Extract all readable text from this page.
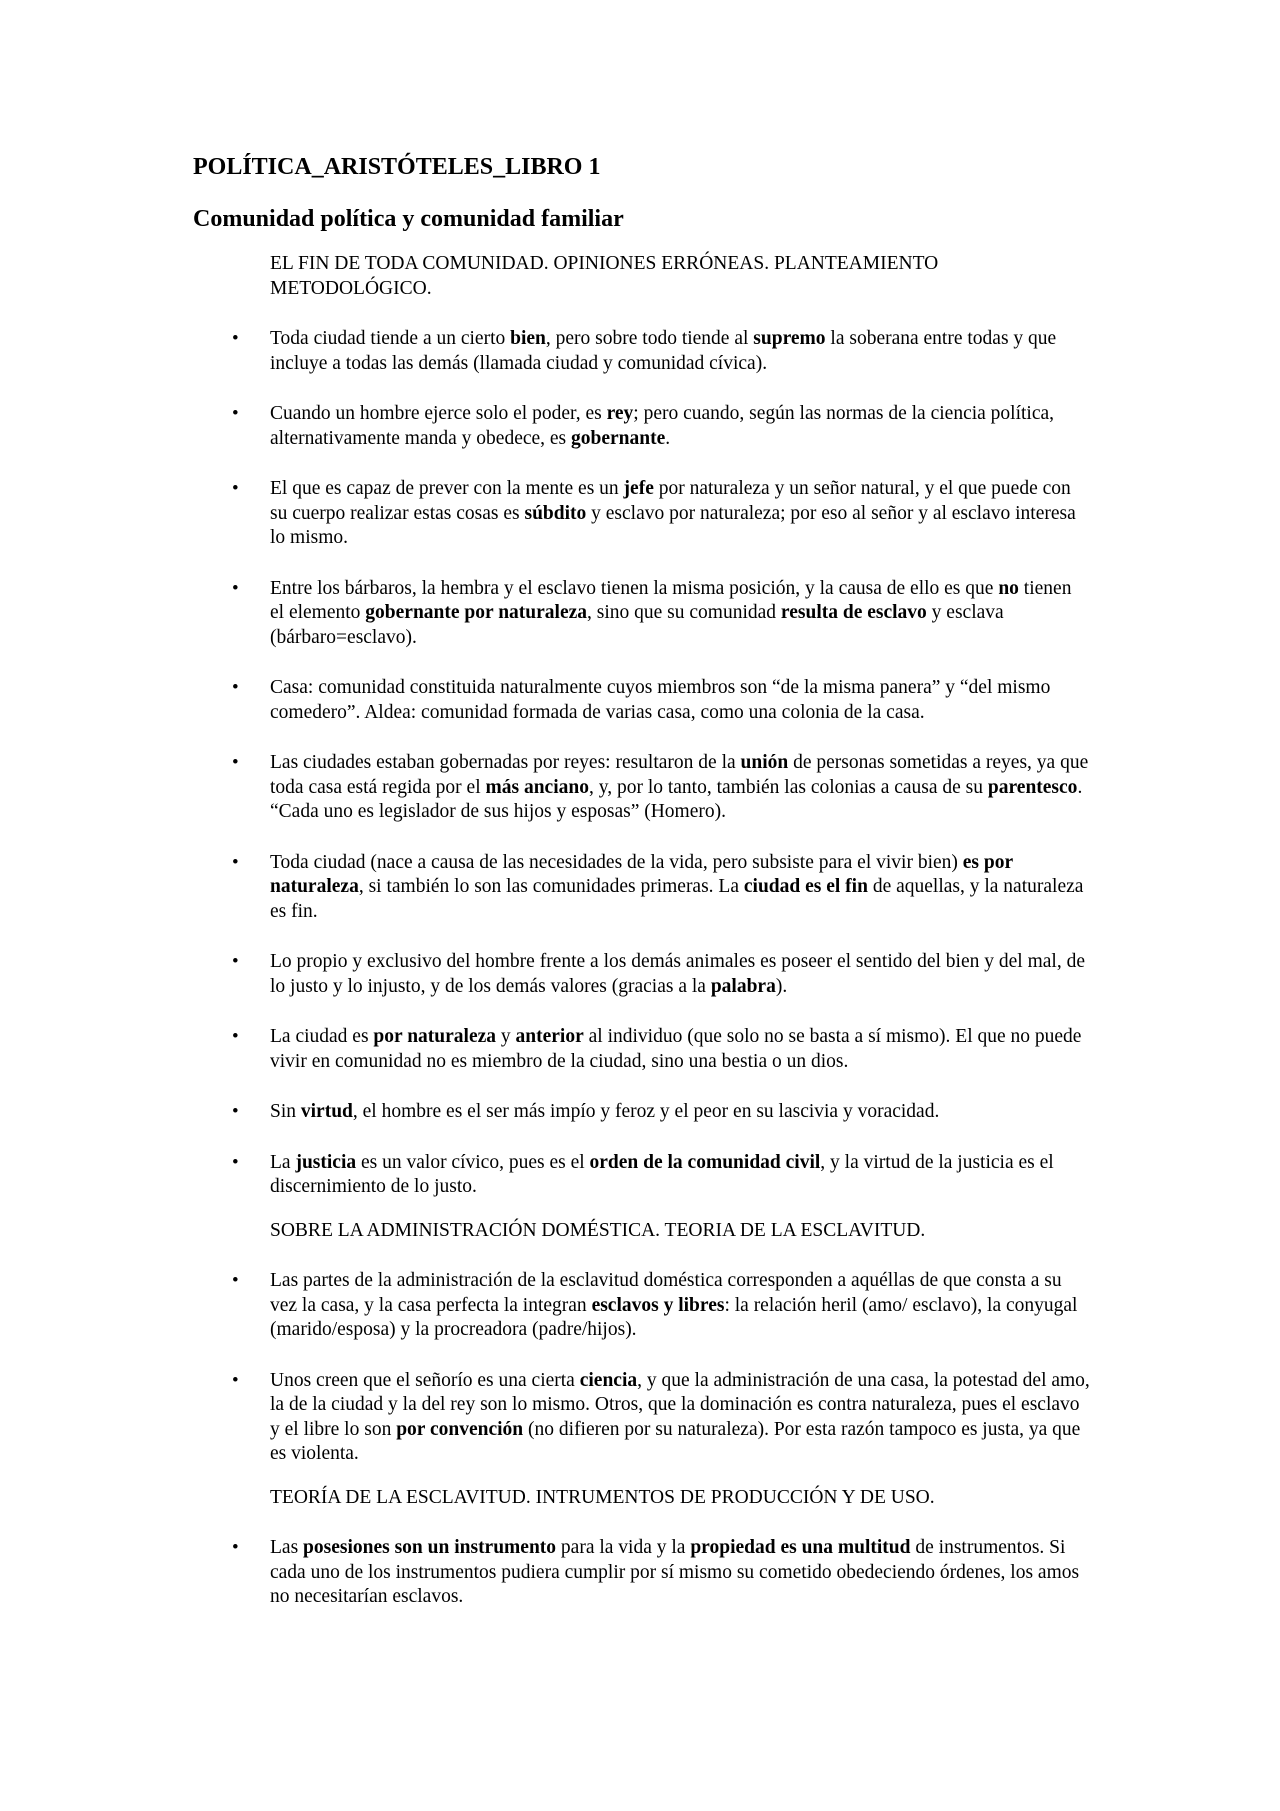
POLÍTICA_ARISTÓTELES_LIBRO 1
Comunidad política y comunidad familiar

EL FIN DE TODA COMUNIDAD. OPINIONES ERRÓNEAS. PLANTEAMIENTO METODOLÓGICO.

• Toda ciudad tiende a un cierto bien, pero sobre todo tiende al supremo la soberana entre todas y que incluye a todas las demás (llamada ciudad y comunidad cívica).

• Cuando un hombre ejerce solo el poder, es rey; pero cuando, según las normas de la ciencia política, alternativamente manda y obedece, es gobernante.

• El que es capaz de prever con la mente es un jefe por naturaleza y un señor natural, y el que puede con su cuerpo realizar estas cosas es súbdito y esclavo por naturaleza; por eso al señor y al esclavo interesa lo mismo.

• Entre los bárbaros, la hembra y el esclavo tienen la misma posición, y la causa de ello es que no tienen el elemento gobernante por naturaleza, sino que su comunidad resulta de esclavo y esclava (bárbaro=esclavo).

• Casa: comunidad constituida naturalmente cuyos miembros son “de la misma panera” y “del mismo comedero”. Aldea: comunidad formada de varias casa, como una colonia de la casa.

• Las ciudades estaban gobernadas por reyes: resultaron de la unión de personas sometidas a reyes, ya que toda casa está regida por el más anciano, y, por lo tanto, también las colonias a causa de su parentesco. “Cada uno es legislador de sus hijos y esposas” (Homero).

• Toda ciudad (nace a causa de las necesidades de la vida, pero subsiste para el vivir bien) es por naturaleza, si también lo son las comunidades primeras. La ciudad es el fin de aquellas, y la naturaleza es fin.

• Lo propio y exclusivo del hombre frente a los demás animales es poseer el sentido del bien y del mal, de lo justo y lo injusto, y de los demás valores (gracias a la palabra).

• La ciudad es por naturaleza y anterior al individuo (que solo no se basta a sí mismo). El que no puede vivir en comunidad no es miembro de la ciudad, sino una bestia o un dios.

• Sin virtud, el hombre es el ser más impío y feroz y el peor en su lascivia y voracidad.

• La justicia es un valor cívico, pues es el orden de la comunidad civil, y la virtud de la justicia es el discernimiento de lo justo.

SOBRE LA ADMINISTRACIÓN DOMÉSTICA. TEORIA DE LA ESCLAVITUD.

• Las partes de la administración de la esclavitud doméstica corresponden a aquéllas de que consta a su vez la casa, y la casa perfecta la integran esclavos y libres: la relación heril (amo/ esclavo), la conyugal (marido/esposa) y la procreadora (padre/hijos).

• Unos creen que el señorío es una cierta ciencia, y que la administración de una casa, la potestad del amo, la de la ciudad y la del rey son lo mismo. Otros, que la dominación es contra naturaleza, pues el esclavo y el libre lo son por convención (no difieren por su naturaleza). Por esta razón tampoco es justa, ya que es violenta.

TEORÍA DE LA ESCLAVITUD. INTRUMENTOS DE PRODUCCIÓN Y DE USO.

• Las posesiones son un instrumento para la vida y la propiedad es una multitud de instrumentos. Si cada uno de los instrumentos pudiera cumplir por sí mismo su cometido obedeciendo órdenes, los amos no necesitarían esclavos.
